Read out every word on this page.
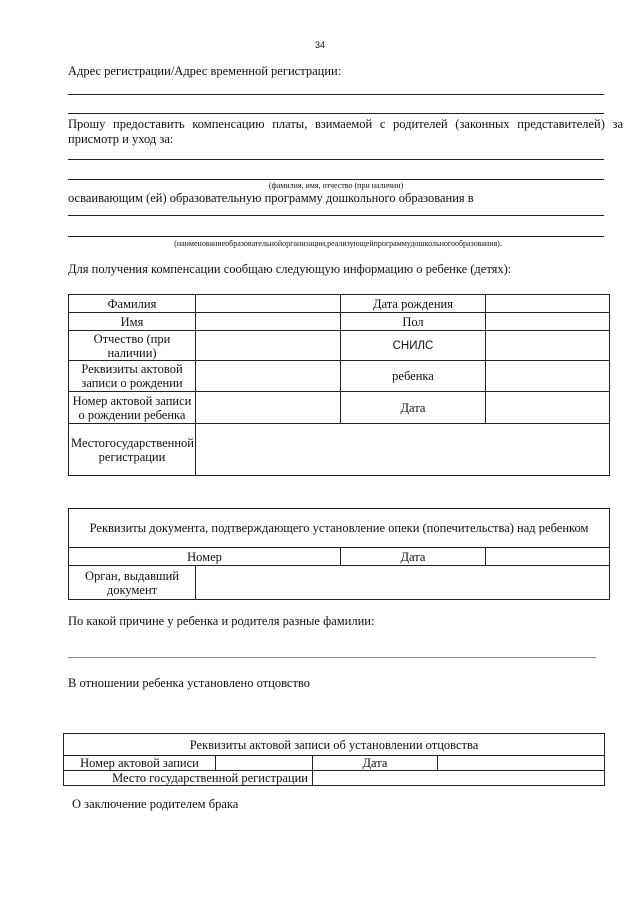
34
Адрес регистрации/Адрес временной регистрации:
Прошу предоставить компенсацию платы, взимаемой с родителей (законных представителей) за
присмотр и уход за:
(фамилия, имя, отчество (при наличии)
осваивающим (ей) образовательную программу дошкольного образования в
(наименованиеобразовательнойорганизации,реализующейпрограммудошкольногообразования).
Для получения компенсации сообщаю следующую информацию о ребенке (детях):
Фамилия		Дата рождения	
Имя		Пол	
Отчество (при наличии)		СНИЛС	
Реквизиты актовой записи о рождении		ребенка	
Номер актовой записи о рождении ребенка		Дата	
Местогосударственной регистрации			
Реквизиты документа, подтверждающего установление опеки (попечительства) над ребенком			
Номер		Дата	
Орган, выдавший документ			
По какой причине у ребенка и родителя разные фамилии:
В отношении ребенка установлено отцовство
Реквизиты актовой записи об установлении отцовства			
Номер актовой записи		Дата	
Место государственной регистрации			
О заключение родителем брака
